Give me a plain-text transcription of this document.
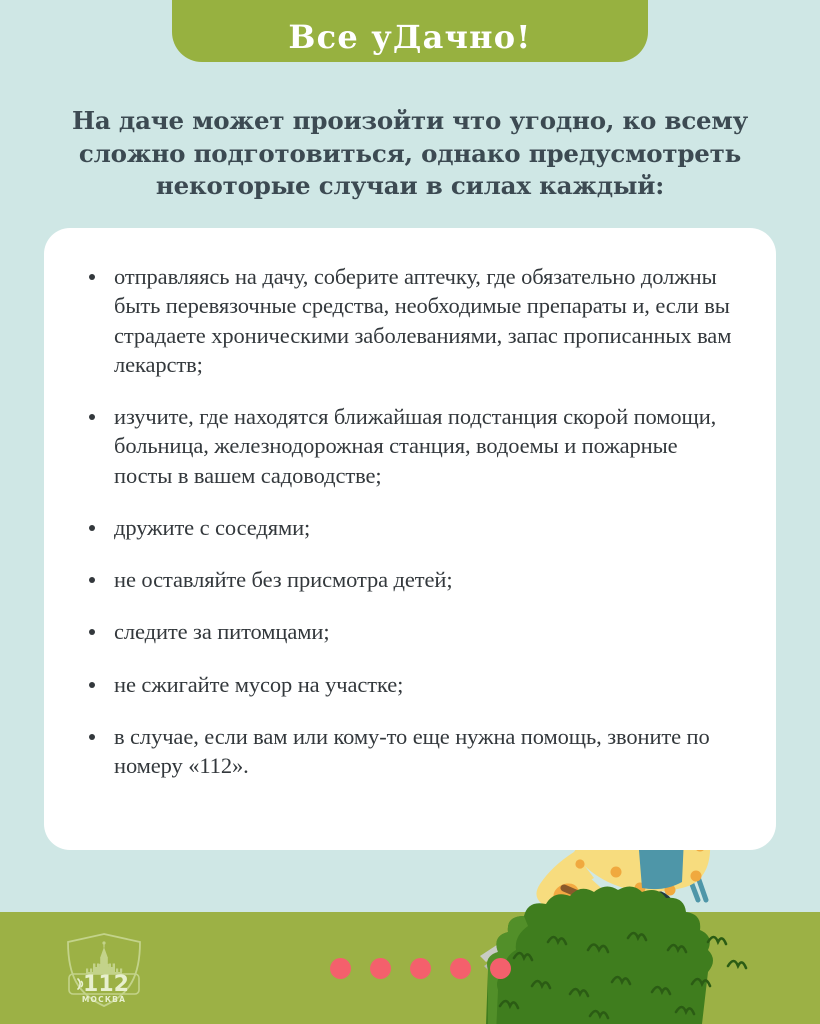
Все уДачно!
На даче может произойти что угодно, ко всему сложно подготовиться, однако предусмотреть некоторые случаи в силах каждый:
отправляясь на дачу, соберите аптечку, где обязательно должны быть перевязочные средства, необходимые препараты и, если вы страдаете хроническими заболеваниями, запас прописанных вам лекарств;
изучите, где находятся ближайшая подстанция скорой помощи, больница, железнодорожная станция, водоемы и пожарные посты в вашем садоводстве;
дружите с соседями;
не оставляйте без присмотра детей;
следите за питомцами;
не сжигайте мусор на участке;
в случае, если вам или кому-то еще нужна помощь, звоните по номеру «112».
112
МОСКВА
